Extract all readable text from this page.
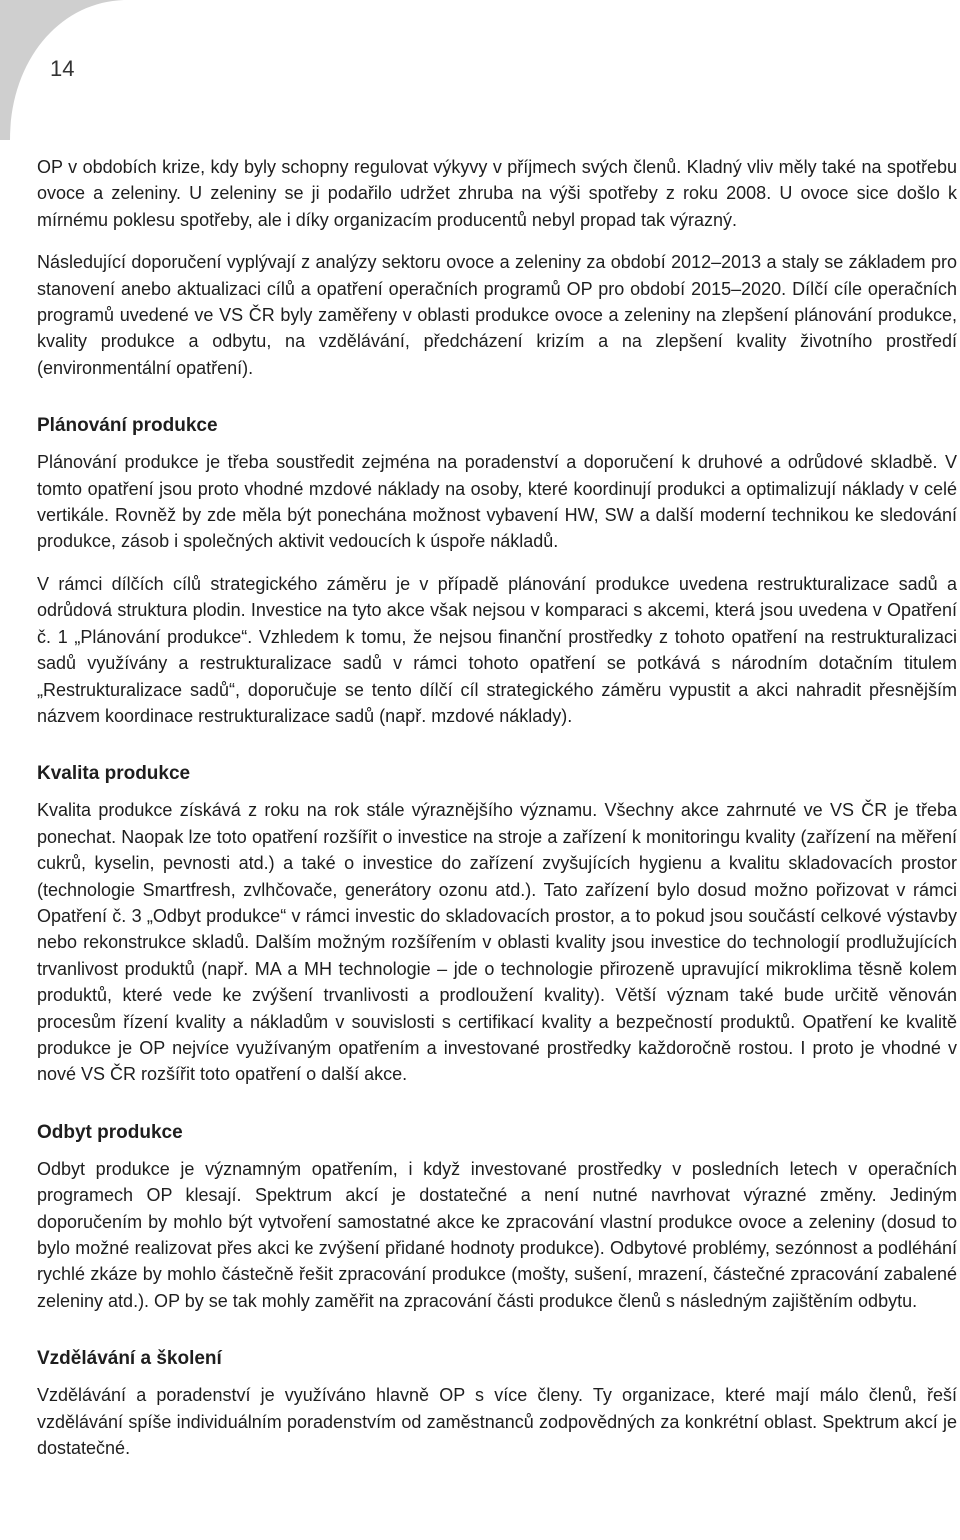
14

OP v obdobích krize, kdy byly schopny regulovat výkyvy v příjmech svých členů. Kladný vliv měly také na spotřebu ovoce a zeleniny. U zeleniny se ji podařilo udržet zhruba na výši spotřeby z roku 2008. U ovoce sice došlo k mírnému poklesu spotřeby, ale i díky organizacím producentů nebyl propad tak výrazný.

Následující doporučení vyplývají z analýzy sektoru ovoce a zeleniny za období 2012–2013 a staly se základem pro stanovení anebo aktualizaci cílů a opatření operačních programů OP pro období 2015–2020. Dílčí cíle operačních programů uvedené ve VS ČR byly zaměřeny v oblasti produkce ovoce a zeleniny na zlepšení plánování produkce, kvality produkce a odbytu, na vzdělávání, předcházení krizím a na zlepšení kvality životního prostředí (environmentální opatření).

Plánování produkce

Plánování produkce je třeba soustředit zejména na poradenství a doporučení k druhové a odrůdové skladbě. V tomto opatření jsou proto vhodné mzdové náklady na osoby, které koordinují produkci a optimalizují náklady v celé vertikále. Rovněž by zde měla být ponechána možnost vybavení HW, SW a další moderní technikou ke sledování produkce, zásob i společných aktivit vedoucích k úspoře nákladů.

V rámci dílčích cílů strategického záměru je v případě plánování produkce uvedena restrukturalizace sadů a odrůdová struktura plodin. Investice na tyto akce však nejsou v komparaci s akcemi, která jsou uvedena v Opatření č. 1 „Plánování produkce“. Vzhledem k tomu, že nejsou finanční prostředky z tohoto opatření na restrukturalizaci sadů využívány a restrukturalizace sadů v rámci tohoto opatření se potkává s národním dotačním titulem „Restrukturalizace sadů“, doporučuje se tento dílčí cíl strategického záměru vypustit a akci nahradit přesnějším názvem koordinace restrukturalizace sadů (např. mzdové náklady).

Kvalita produkce

Kvalita produkce získává z roku na rok stále výraznějšího významu. Všechny akce zahrnuté ve VS ČR je třeba ponechat. Naopak lze toto opatření rozšířit o investice na stroje a zařízení k monitoringu kvality (zařízení na měření cukrů, kyselin, pevnosti atd.) a také o investice do zařízení zvyšujících hygienu a kvalitu skladovacích prostor (technologie Smartfresh, zvlhčovače, generátory ozonu atd.). Tato zařízení bylo dosud možno pořizovat v rámci Opatření č. 3 „Odbyt produkce“ v rámci investic do skladovacích prostor, a to pokud jsou součástí celkové výstavby nebo rekonstrukce skladů. Dalším možným rozšířením v oblasti kvality jsou investice do technologií prodlužujících trvanlivost produktů (např. MA a MH technologie – jde o technologie přirozeně upravující mikroklima těsně kolem produktů, které vede ke zvýšení trvanlivosti a prodloužení kvality). Větší význam také bude určitě věnován procesům řízení kvality a nákladům v souvislosti s certifikací kvality a bezpečností produktů. Opatření ke kvalitě produkce je OP nejvíce využívaným opatřením a investované prostředky každoročně rostou. I proto je vhodné v nové VS ČR rozšířit toto opatření o další akce.

Odbyt produkce

Odbyt produkce je významným opatřením, i když investované prostředky v posledních letech v operačních programech OP klesají. Spektrum akcí je dostatečné a není nutné navrhovat výrazné změny. Jediným doporučením by mohlo být vytvoření samostatné akce ke zpracování vlastní produkce ovoce a zeleniny (dosud to bylo možné realizovat přes akci ke zvýšení přidané hodnoty produkce). Odbytové problémy, sezónnost a podléhání rychlé zkáze by mohlo částečně řešit zpracování produkce (mošty, sušení, mrazení, částečné zpracování zabalené zeleniny atd.). OP by se tak mohly zaměřit na zpracování části produkce členů s následným zajištěním odbytu.

Vzdělávání a školení

Vzdělávání a poradenství je využíváno hlavně OP s více členy. Ty organizace, které mají málo členů, řeší vzdělávání spíše individuálním poradenstvím od zaměstnanců zodpovědných za konkrétní oblast. Spektrum akcí je dostatečné.
